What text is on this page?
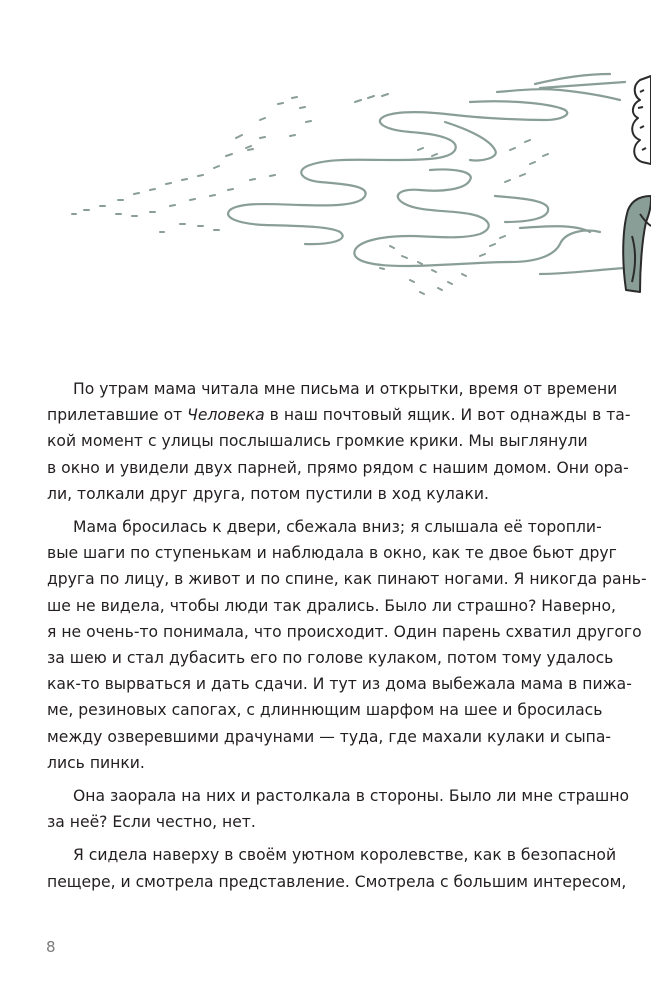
По утрам мама читала мне письма и открытки, время от времени
прилетавшие от Человека в наш почтовый ящик. И вот однажды в та-
кой момент с улицы послышались громкие крики. Мы выглянули
в окно и увидели двух парней, прямо рядом с нашим домом. Они ора-
ли, толкали друг друга, потом пустили в ход кулаки.
Мама бросилась к двери, сбежала вниз; я слышала её торопли-
вые шаги по ступенькам и наблюдала в окно, как те двое бьют друг
друга по лицу, в живот и по спине, как пинают ногами. Я никогда рань-
ше не видела, чтобы люди так дрались. Было ли страшно? Наверно,
я не очень-то понимала, что происходит. Один парень схватил другого
за шею и стал дубасить его по голове кулаком, потом тому удалось
как-то вырваться и дать сдачи. И тут из дома выбежала мама в пижа-
ме, резиновых сапогах, с длиннющим шарфом на шее и бросилась
между озверевшими драчунами — туда, где махали кулаки и сыпа-
лись пинки.
Она заорала на них и растолкала в стороны. Было ли мне страшно
за неё? Если честно, нет.
Я сидела наверху в своём уютном королевстве, как в безопасной
пещере, и смотрела представление. Смотрела с большим интересом,
8
